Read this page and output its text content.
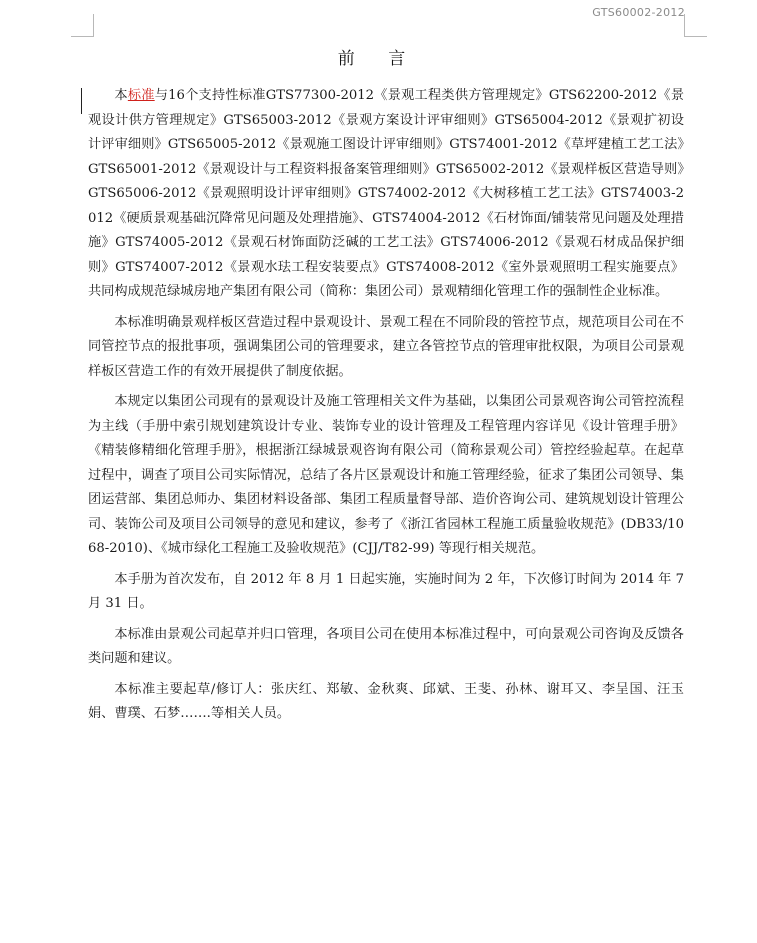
GTS60002-2012
前 言

本标准与16个支持性标准GTS77300-2012《景观工程类供方管理规定》GTS62200-2012《景观设计供方管理规定》GTS65003-2012《景观方案设计评审细则》GTS65004-2012《景观扩初设计评审细则》GTS65005-2012《景观施工图设计评审细则》GTS74001-2012《草坪建植工艺工法》GTS65001-2012《景观设计与工程资料报备案管理细则》GTS65002-2012《景观样板区营造导则》GTS65006-2012《景观照明设计评审细则》GTS74002-2012《大树移植工艺工法》GTS74003-2012《硬质景观基础沉降常见问题及处理措施》、GTS74004-2012《石材饰面/铺装常见问题及处理措施》GTS74005-2012《景观石材饰面防泛碱的工艺工法》GTS74006-2012《景观石材成品保护细则》GTS74007-2012《景观水珐工程安装要点》GTS74008-2012《室外景观照明工程实施要点》共同构成规范绿城房地产集团有限公司（简称：集团公司）景观精细化管理工作的强制性企业标准。

本标准明确景观样板区营造过程中景观设计、景观工程在不同阶段的管控节点，规范项目公司在不同管控节点的报批事项，强调集团公司的管理要求，建立各管控节点的管理审批权限，为项目公司景观样板区营造工作的有效开展提供了制度依据。

本规定以集团公司现有的景观设计及施工管理相关文件为基础，以集团公司景观咨询公司管控流程为主线（手册中索引规划建筑设计专业、装饰专业的设计管理及工程管理内容详见《设计管理手册》《精装修精细化管理手册》，根据浙江绿城景观咨询有限公司（简称景观公司）管控经验起草。在起草过程中，调查了项目公司实际情况，总结了各片区景观设计和施工管理经验，征求了集团公司领导、集团运营部、集团总师办、集团材料设备部、集团工程质量督导部、造价咨询公司、建筑规划设计管理公司、装饰公司及项目公司领导的意见和建议，参考了《浙江省园林工程施工质量验收规范》(DB33/1068-2010)、《城市绿化工程施工及验收规范》(CJJ/T82-99) 等现行相关规范。

本手册为首次发布，自 2012 年 8 月 1 日起实施，实施时间为 2 年，下次修订时间为 2014 年 7 月 31 日。

本标准由景观公司起草并归口管理，各项目公司在使用本标准过程中，可向景观公司咨询及反馈各类问题和建议。

本标准主要起草/修订人：张庆红、郑敏、金秋爽、邱斌、王斐、孙林、谢耳又、李呈国、汪玉娟、曹璞、石梦…….等相关人员。
